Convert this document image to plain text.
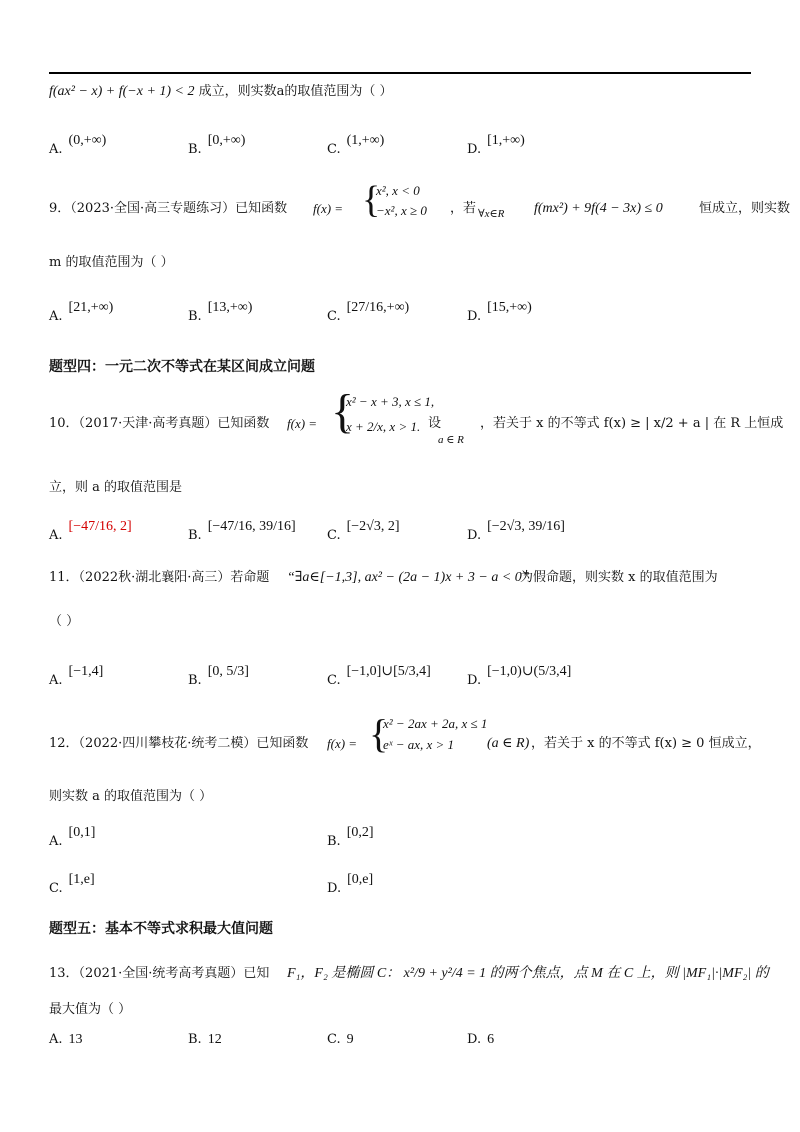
f(ax² − x) + f(−x + 1) < 2 成立，则实数a的取值范围为（ ）
A.(0,+∞)
B.[0,+∞)
C.(1,+∞)
D.[1,+∞)
9．（2023·全国·高三专题练习）已知函数 f(x) = {
x², x < 0
−x², x ≥ 0 ，若 ∀x∈R f(mx²) + 9f(4 − 3x) ≤ 0	恒成立，则实数
m 的取值范围为（ ）
A.[21,+∞)
B.[13,+∞)
C.[27/16,+∞)
D.[15,+∞)
题型四：一元二次不等式在某区间成立问题
10．（2017·天津·高考真题）已知函数 f(x) = {
x² − x + 3, x ≤ 1,
x + 2/x, x > 1. 设
a ∈ R
，若关于 x 的不等式 f(x) ≥ | x/2 + a | 在 R 上恒成
立，则 a 的取值范围是
A.[−47/16, 2]
B.[−47/16, 39/16]
C.[−2√3, 2]
D.[−2√3, 39/16]
11．（2022秋·湖北襄阳·高三）若命题 “∃a∈[−1,3], ax² − (2a − 1)x + 3 − a < 0”
为假命题，则实数 x 的取值范围为
（ ）
A.[−1,4]
B.[0, 5/3]
C.[−1,0]∪[5/3,4]
D.[−1,0)∪(5/3,4]
12．（2022·四川攀枝花·统考二模）已知函数 f(x) = {
x² − 2ax + 2a, x ≤ 1
eˣ − ax, x > 1 (a ∈ R) ，若关于 x 的不等式 f(x) ≥ 0 恒成立，
则实数 a 的取值范围为（ ）
A.[0,1]
B.[0,2]
C.[1,e]
D.[0,e]
题型五：基本不等式求积最大值问题
13．（2021·全国·统考高考真题）已知 F₁，F₂ 是椭圆 C： x²/9 + y²/4 = 1 的两个焦点，点 M 在 C 上，则 |MF₁|·|MF₂| 的
最大值为（ ）
A. 13	B. 12	C. 9	D. 6
